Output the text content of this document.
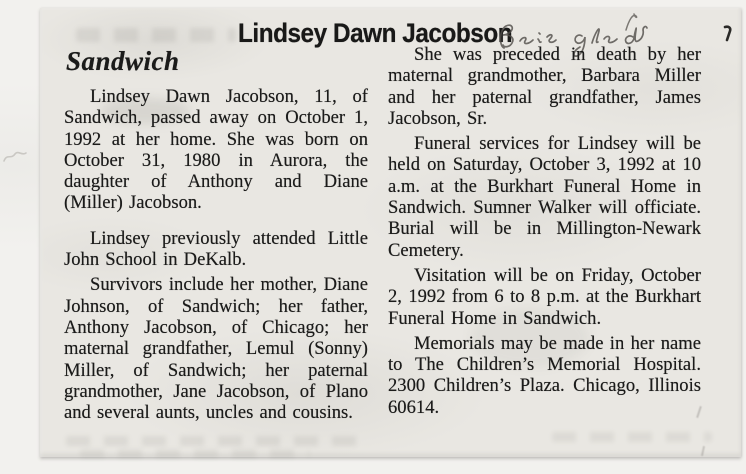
Lindsey Dawn Jacobson
Sandwich

Lindsey Dawn Jacobson, 11, of Sandwich, passed away on October 1, 1992 at her home. She was born on October 31, 1980 in Aurora, the daughter of Anthony and Diane (Miller) Jacobson.

Lindsey previously attended Little John School in DeKalb.

Survivors include her mother, Diane Johnson, of Sandwich; her father, Anthony Jacobson, of Chicago; her maternal grandfather, Lemul (Sonny) Miller, of Sandwich; her paternal grandmother, Jane Jacobson, of Plano and several aunts, uncles and cousins.

She was preceded in death by her maternal grandmother, Barbara Miller and her paternal grandfather, James Jacobson, Sr.

Funeral services for Lindsey will be held on Saturday, October 3, 1992 at 10 a.m. at the Burkhart Funeral Home in Sandwich. Sumner Walker will officiate. Burial will be in Millington-Newark Cemetery.

Visitation will be on Friday, October 2, 1992 from 6 to 8 p.m. at the Burkhart Funeral Home in Sandwich.

Memorials may be made in her name to The Children’s Memorial Hospital. 2300 Children’s Plaza. Chicago, Illinois 60614.
